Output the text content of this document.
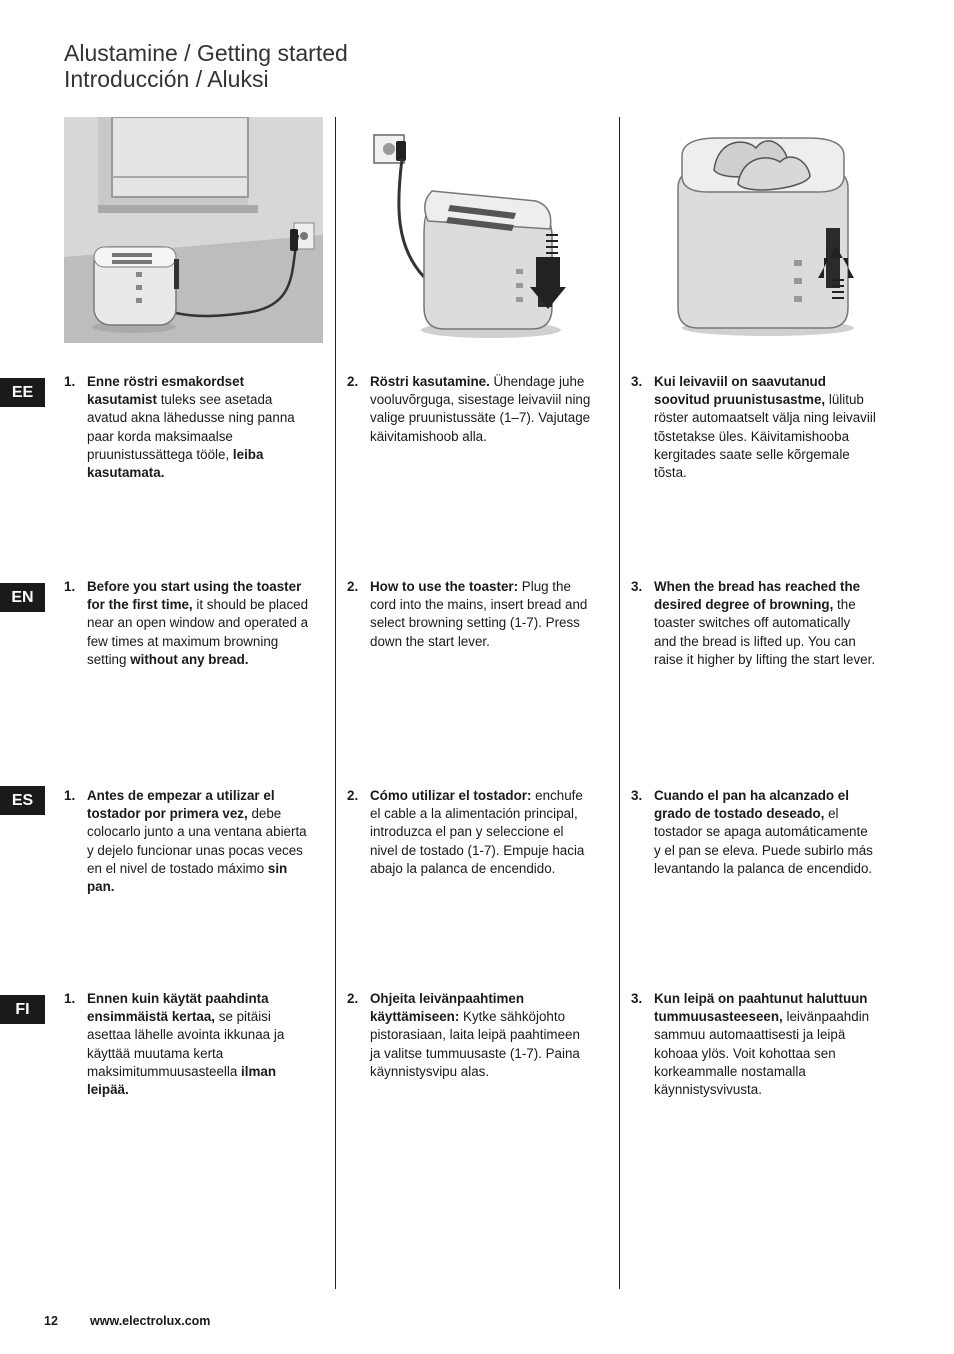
Alustamine / Getting started
Introducción / Aluksi
EE
EN
ES
FI
1. Enne röstri esmakordset kasutamist tuleks see asetada avatud akna lähedusse ning panna paar korda maksimaalse pruunistussättega tööle, leiba kasutamata.
2. Röstri kasutamine. Ühendage juhe vooluvõrguga, sisestage leivaviil ning valige pruunistussäte (1–7). Vajutage käivitamishoob alla.
3. Kui leivaviil on saavutanud soovitud pruunistusastme, lülitub röster automaatselt välja ning leivaviil tõstetakse üles. Käivitamishooba kergitades saate selle kõrgemale tõsta.
1. Before you start using the toaster for the first time, it should be placed near an open window and operated a few times at maximum browning setting without any bread.
2. How to use the toaster: Plug the cord into the mains, insert bread and select browning setting (1-7). Press down the start lever.
3. When the bread has reached the desired degree of browning, the toaster switches off automatically and the bread is lifted up. You can raise it higher by lifting the start lever.
1. Antes de empezar a utilizar el tostador por primera vez, debe colocarlo junto a una ventana abierta y dejelo funcionar unas pocas veces en el nivel de tostado máximo sin pan.
2. Cómo utilizar el tostador: enchufe el cable a la alimentación principal, introduzca el pan y seleccione el nivel de tostado (1-7). Empuje hacia abajo la palanca de encendido.
3. Cuando el pan ha alcanzado el grado de tostado deseado, el tostador se apaga automáticamente y el pan se eleva. Puede subirlo más levantando la palanca de encendido.
1. Ennen kuin käytät paahdinta ensimmäistä kertaa, se pitäisi asettaa lähelle avointa ikkunaa ja käyttää muutama kerta maksimitummuusasteella ilman leipää.
2. Ohjeita leivänpaahtimen käyttämiseen: Kytke sähköjohto pistorasiaan, laita leipä paahtimeen ja valitse tummuusaste (1-7). Paina käynnistysvipu alas.
3. Kun leipä on paahtunut haluttuun tummuusasteeseen, leivänpaahdin sammuu automaattisesti ja leipä kohoaa ylös. Voit kohottaa sen korkeammalle nostamalla käynnistysvivusta.
12	www.electrolux.com
